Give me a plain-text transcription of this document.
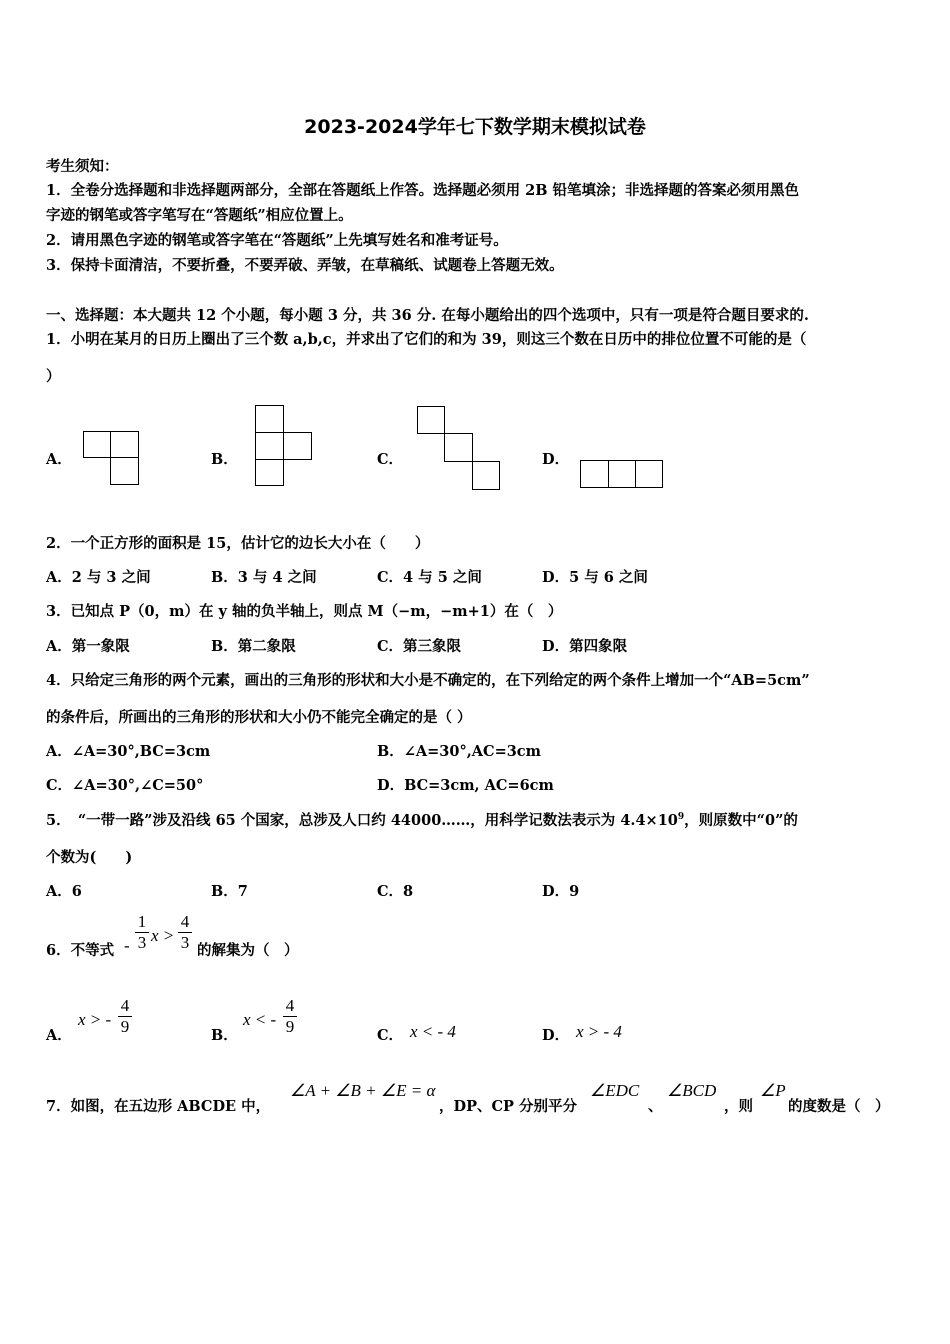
2023-2024学年七下数学期末模拟试卷
考生须知：
1．全卷分选择题和非选择题两部分，全部在答题纸上作答。选择题必须用 2B 铅笔填涂；非选择题的答案必须用黑色
字迹的钢笔或答字笔写在“答题纸”相应位置上。
2．请用黑色字迹的钢笔或答字笔在“答题纸”上先填写姓名和准考证号。
3．保持卡面清洁，不要折叠，不要弄破、弄皱，在草稿纸、试题卷上答题无效。
一、选择题：本大题共 12 个小题，每小题 3 分，共 36 分. 在每小题给出的四个选项中，只有一项是符合题目要求的.
1．小明在某月的日历上圈出了三个数 a,b,c，并求出了它们的和为 39，则这三个数在日历中的排位位置不可能的是（
）
A．	B．	C．	D．
2．一个正方形的面积是 15，估计它的边长大小在（　　）
A．2 与 3 之间	B．3 与 4 之间	C．4 与 5 之间	D．5 与 6 之间
3．已知点 P（0，m）在 y 轴的负半轴上，则点 M（−m，−m+1）在（　）
A．第一象限	B．第二象限	C．第三象限	D．第四象限
4．只给定三角形的两个元素，画出的三角形的形状和大小是不确定的，在下列给定的两个条件上增加一个“AB=5cm”
的条件后，所画出的三角形的形状和大小仍不能完全确定的是（ ）
A．∠A=30°,BC=3cm	B．∠A=30°,AC=3cm
C．∠A=30°,∠C=50°	D．BC=3cm, AC=6cm
5．　“一带一路”涉及沿线 65 个国家，总涉及人口约 44000……，用科学记数法表示为 $4.4\times 10^9$，则原数中“0”的
个数为(　　)
A．6	B．7	C．8	D．9
6．不等式 -
1
3 x >
4
3 的解集为（　）
A．
x > -
4
9	B．
x < -
4
9	C． x < - 4	D． x > - 4
7．如图，在五边形 ABCDE 中，
∠A + ∠B + ∠E = α
，DP、CP 分别平分
∠EDC
、
∠BCD
，则
∠P
的度数是（　）
